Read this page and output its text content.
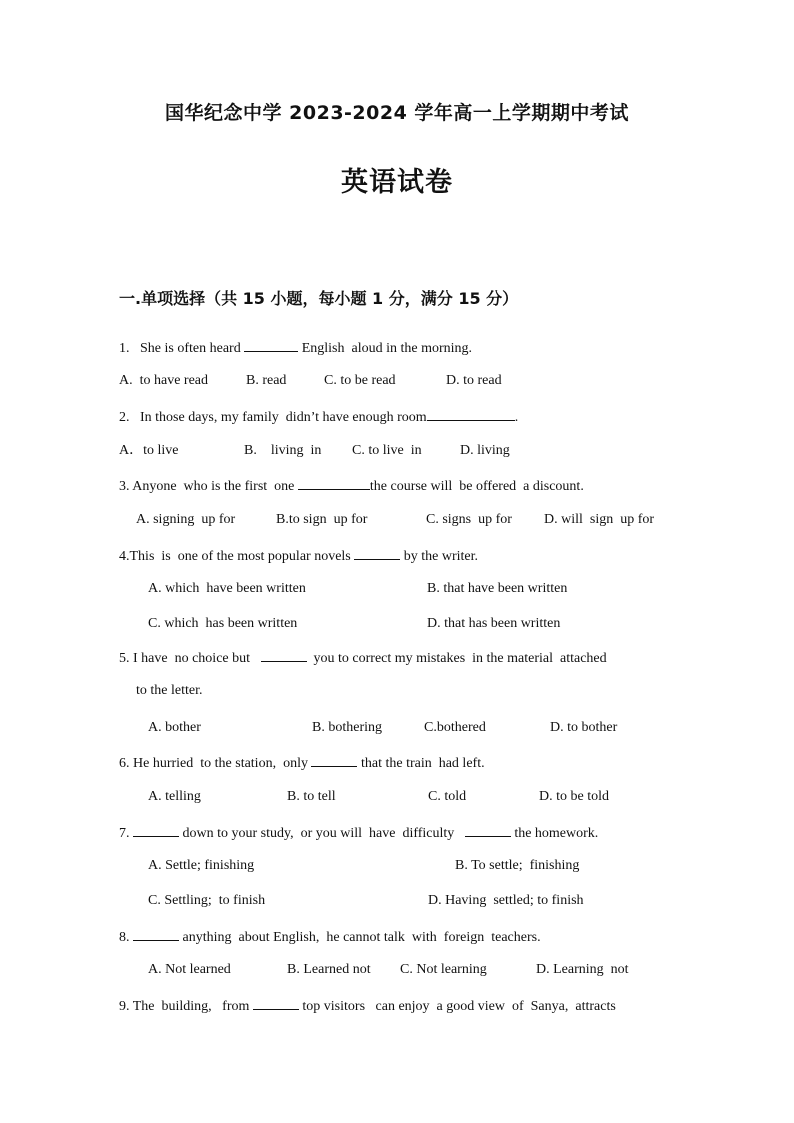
国华纪念中学 2023-2024 学年高一上学期期中考试
英语试卷
一.单项选择（共 15 小题，每小题 1 分，满分 15 分）
1.   She is often heard	English  aloud in the morning.
A.  to have read	B. read	C. to be read	D. to read
2.   In those days, my family  didn’t have enough room	.
A．to live	B.    living  in C. to live  in	D. living
3. Anyone  who is the first  one	the course will  be offered  a discount.
A. signing  up for	B.to sign  up for	C. signs  up for D. will  sign  up for
4.This  is  one of the most popular novels	by the writer.
A. which  have been written	B. that have been written
C. which  has been written	D. that has been written
5. I have  no choice but	you to correct my mistakes  in the material  attached
to the letter.
A. bother	B. bothering	C.bothered	D. to bother
6. He hurried  to the station,  only	that the train  had left.
A. telling	B. to tell	C. told	D. to be told
7.	down to your study,  or you will  have  difficulty	the homework.
A. Settle; finishing	B. To settle;  finishing
C. Settling;  to finish	D. Having  settled; to finish
8.	anything  about English,  he cannot talk  with  foreign  teachers.
A. Not learned	B. Learned not C. Not learning	D. Learning  not
9. The  building,   from	top visitors   can enjoy  a good view  of  Sanya,  attracts
